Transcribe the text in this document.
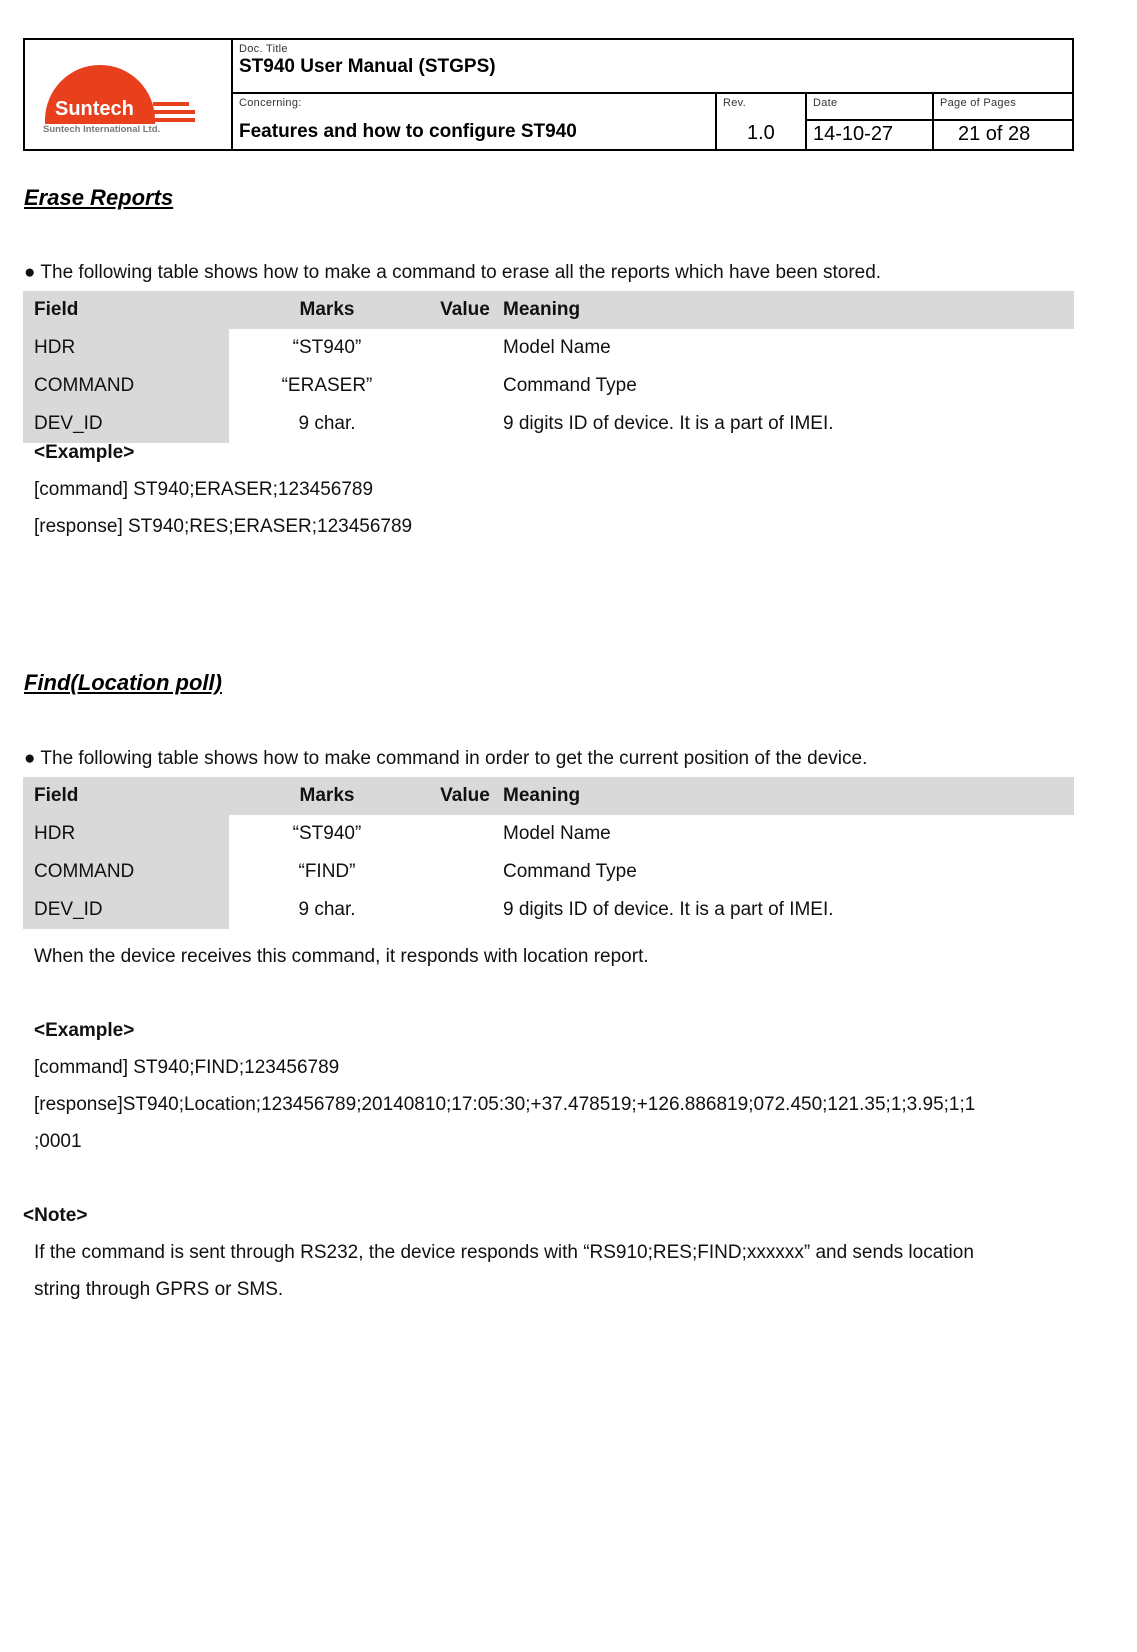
Suntech
Suntech International Ltd.
Doc. Title
ST940 User Manual (STGPS)
Concerning:
Features and how to configure ST940
Rev.
1.0
Date
14-10-27
Page of Pages
21 of 28
Erase Reports
● The following table shows how to make a command to erase all the reports which have been stored.
Field	Marks	Value Meaning
HDR	“ST940”	Model Name
COMMAND	“ERASER”	Command Type
DEV_ID	9 char.	9 digits ID of device. It is a part of IMEI.
<Example>
[command] ST940;ERASER;123456789
[response] ST940;RES;ERASER;123456789
Find(Location poll)
● The following table shows how to make command in order to get the current position of the device.
Field	Marks	Value Meaning
HDR	“ST940”	Model Name
COMMAND	“FIND”	Command Type
DEV_ID	9 char.	9 digits ID of device. It is a part of IMEI.
When the device receives this command, it responds with location report.
<Example>
[command] ST940;FIND;123456789
[response]ST940;Location;123456789;20140810;17:05:30;+37.478519;+126.886819;072.450;121.35;1;3.95;1;1
;0001
<Note>
If the command is sent through RS232, the device responds with “RS910;RES;FIND;xxxxxx” and sends location
string through GPRS or SMS.
